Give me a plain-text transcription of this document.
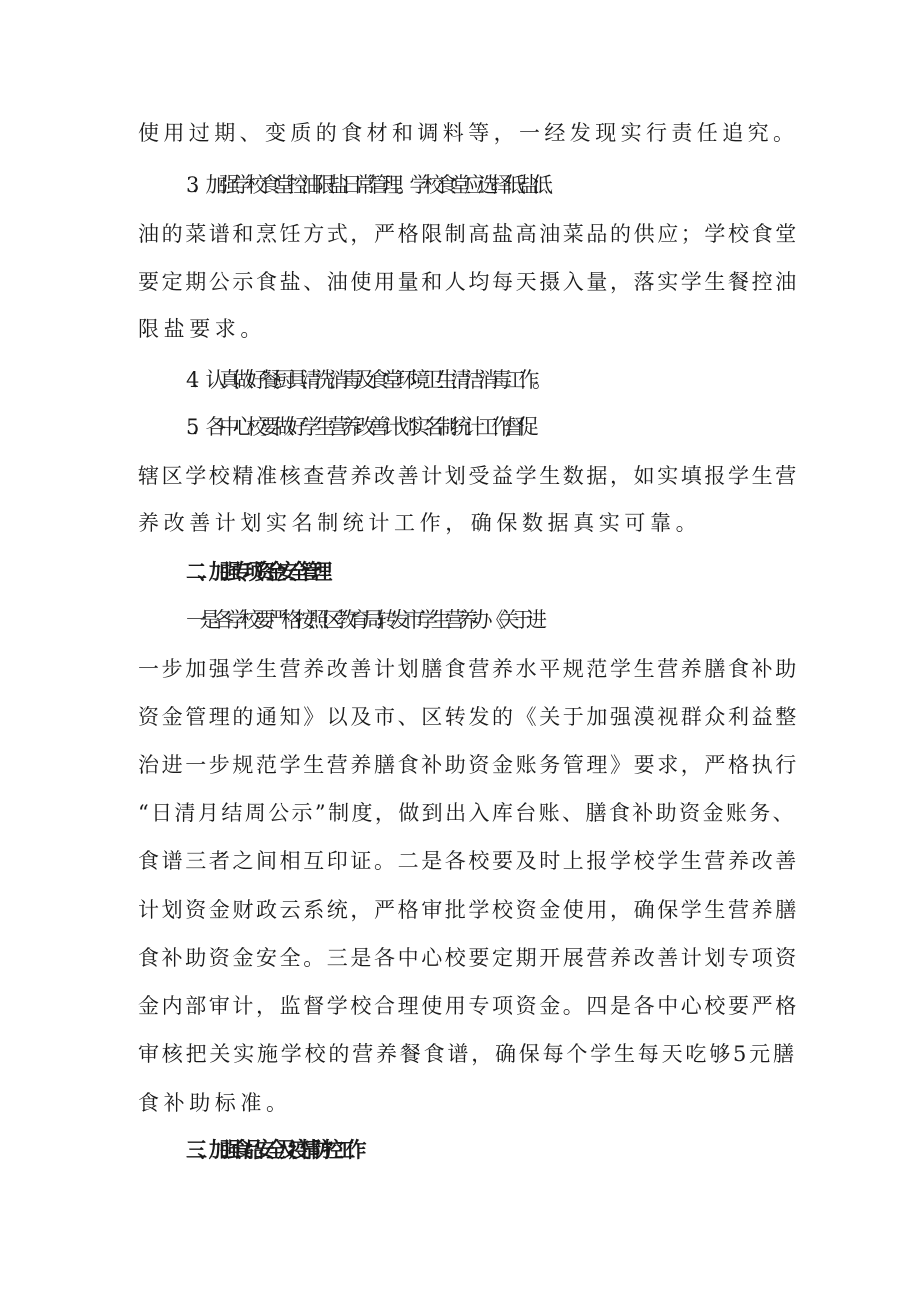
使用过期、变质的食材和调料等，一经发现实行责任追究。
3．加强学校食堂控油限盐日常管理。学校食堂应选择低盐低
油的菜谱和烹饪方式，严格限制高盐高油菜品的供应；学校食堂
要定期公示食盐、油使用量和人均每天摄入量，落实学生餐控油
限盐要求。
4．认真做好餐厨具清洗消毒及食堂环境卫生清洁消毒工作。
5．各中心校要做好学生营养改善计划实名制统计工作,督促
辖区学校精准核查营养改善计划受益学生数据，如实填报学生营
养改善计划实名制统计工作，确保数据真实可靠。
二、加强专项资金安全管理
一是各学校要严格按照区教育局转发市学生营养办《关于进
一步加强学生营养改善计划膳食营养水平规范学生营养膳食补助
资金管理的通知》以及市、区转发的《关于加强漠视群众利益整
治进一步规范学生营养膳食补助资金账务管理》要求，严格执行
“日清月结周公示”制度，做到出入库台账、膳食补助资金账务、
食谱三者之间相互印证。二是各校要及时上报学校学生营养改善
计划资金财政云系统，严格审批学校资金使用，确保学生营养膳
食补助资金安全。三是各中心校要定期开展营养改善计划专项资
金内部审计，监督学校合理使用专项资金。四是各中心校要严格
审核把关实施学校的营养餐食谱，确保每个学生每天吃够5元膳
食补助标准。
三、加强食品安全及疫情防控工作
